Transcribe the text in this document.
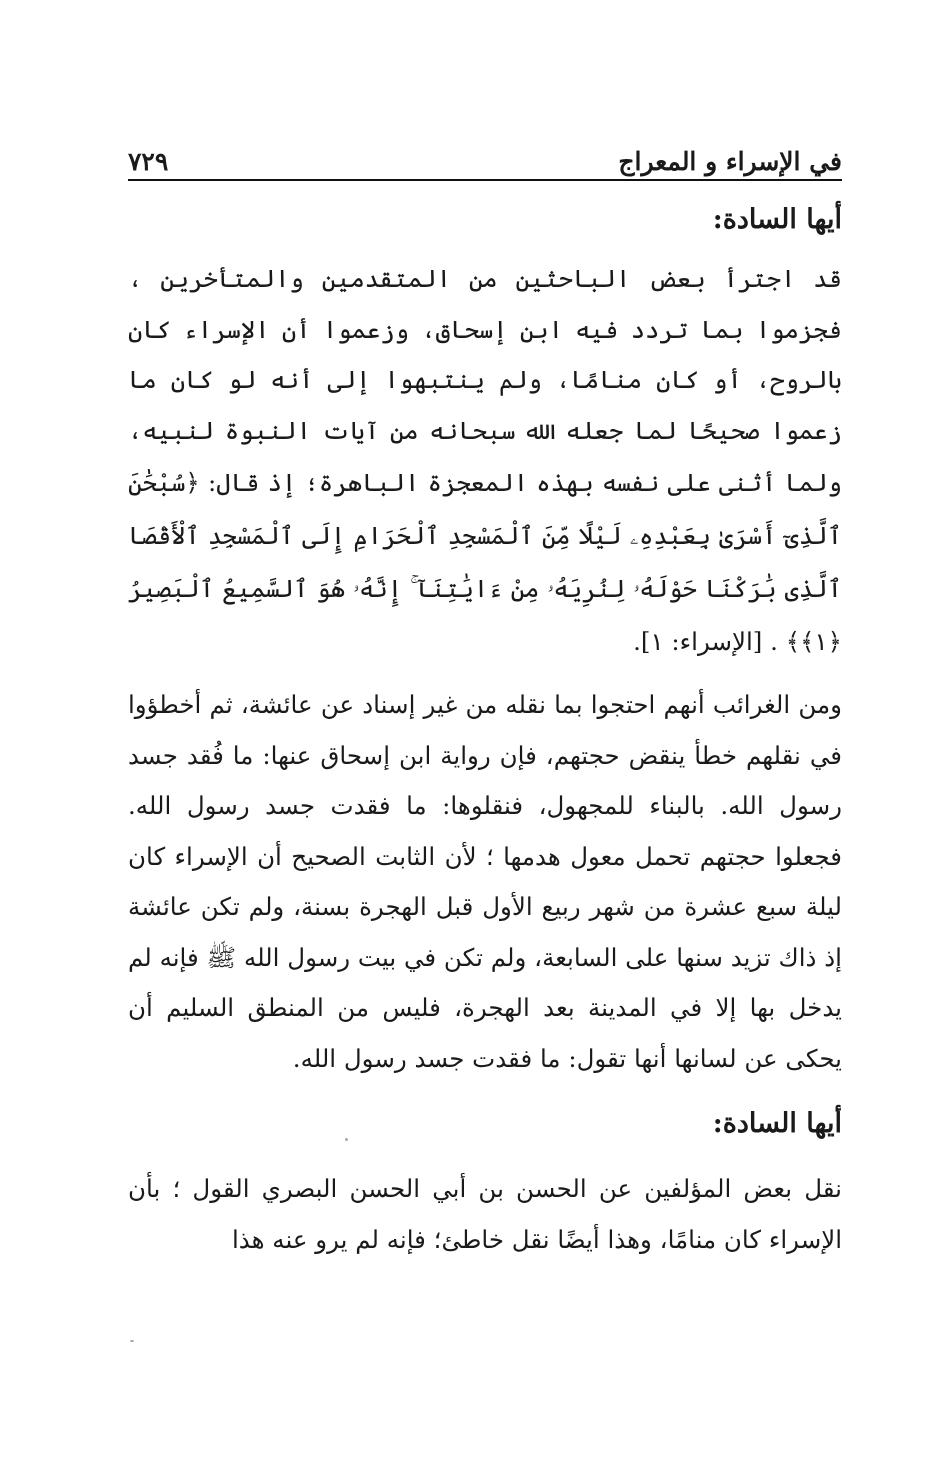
في الإسراء و المعراج
٧٢٩
أيها السادة:

قد اجترأ بعض الباحثين من المتقدمين والمتأخرين ، فجزموا بما تردد فيه ابن إسحاق، وزعموا أن الإسراء كان بالروح، أو كان منامًا، ولم ينتبهوا إلى أنه لو كان ما زعموا صحيحًا لما جعله الله سبحانه من آيات النبوة لنبيه، ولما أثنى على نفسه بهذه المعجزة الباهرة؛ إذ قال: ﴿سُبْحَٰنَ ٱلَّذِىٓ أَسْرَىٰ بِعَبْدِهِۦ لَيْلًا مِّنَ ٱلْمَسْجِدِ ٱلْحَرَامِ إِلَى ٱلْمَسْجِدِ ٱلْأَقْصَا ٱلَّذِى بَٰرَكْنَا حَوْلَهُۥ لِنُرِيَهُۥ مِنْ ءَايَٰتِنَآ ۚ إِنَّهُۥ هُوَ ٱلسَّمِيعُ ٱلْبَصِيرُ ﴿١﴾﴾ . [الإسراء: ١].

ومن الغرائب أنهم احتجوا بما نقله من غير إسناد عن عائشة، ثم أخطؤوا في نقلهم خطأ ينقض حجتهم، فإن رواية ابن إسحاق عنها: ما فُقد جسد رسول الله. بالبناء للمجهول، فنقلوها: ما فقدت جسد رسول الله. فجعلوا حجتهم تحمل معول هدمها ؛ لأن الثابت الصحيح أن الإسراء كان ليلة سبع عشرة من شهر ربيع الأول قبل الهجرة بسنة، ولم تكن عائشة إذ ذاك تزيد سنها على السابعة، ولم تكن في بيت رسول الله ﷺ فإنه لم يدخل بها إلا في المدينة بعد الهجرة، فليس من المنطق السليم أن يحكى عن لسانها أنها تقول: ما فقدت جسد رسول الله.

أيها السادة:

نقل بعض المؤلفين عن الحسن بن أبي الحسن البصري القول ؛ بأن الإسراء كان منامًا، وهذا أيضًا نقل خاطئ؛ فإنه لم يرو عنه هذا
